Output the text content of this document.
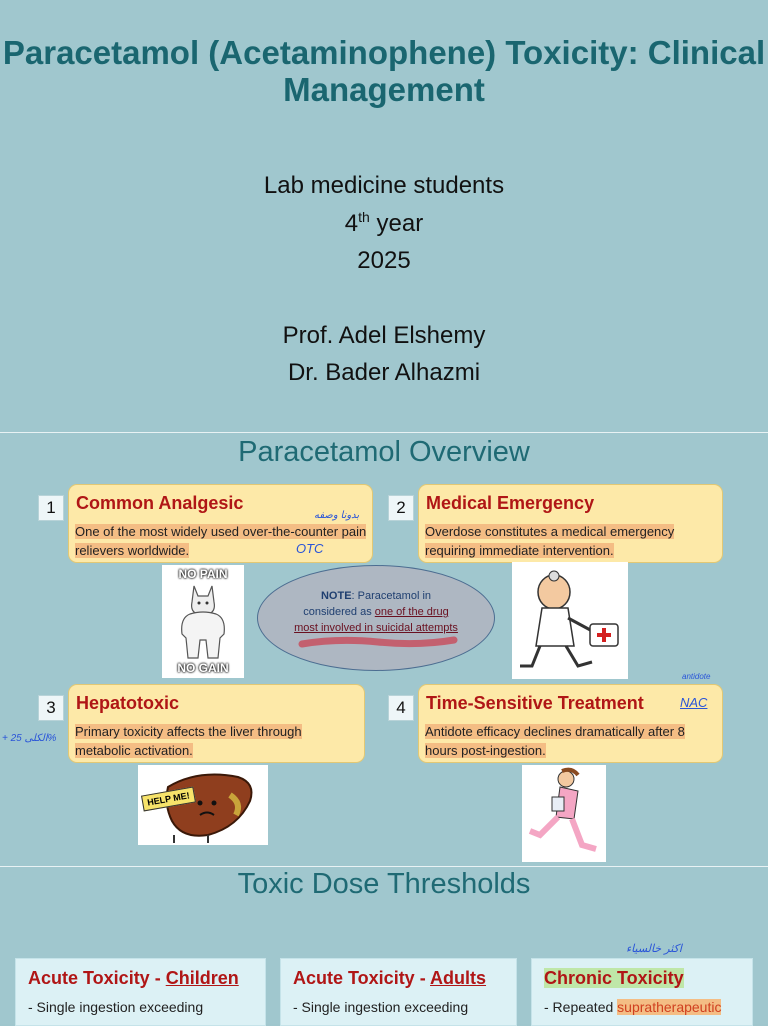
Paracetamol (Acetaminophene) Toxicity: Clinical Management
Lab medicine students
4th year
2025
Prof. Adel Elshemy
Dr. Bader Alhazmi
Paracetamol Overview
1	Common Analgesic
One of the most widely used over-the-counter pain relievers worldwide.
بدونا وصفه
OTC
2	Medical Emergency
Overdose constitutes a medical emergency requiring immediate intervention.
NO PAIN
NO GAIN
NOTE: Paracetamol in considered as one of the drug most involved in suicidal attempts
3	Hepatotoxic
Primary toxicity affects the liver through metabolic activation.
+ الكلى 25%
4	Time-Sensitive Treatment
Antidote efficacy declines dramatically after 8 hours post-ingestion.
antidote
NAC
HELP ME!
Toxic Dose Thresholds
اكثر خالسياء
Acute Toxicity - Children
- Single ingestion exceeding
Acute Toxicity - Adults
- Single ingestion exceeding
Chronic Toxicity
- Repeated supratherapeutic
